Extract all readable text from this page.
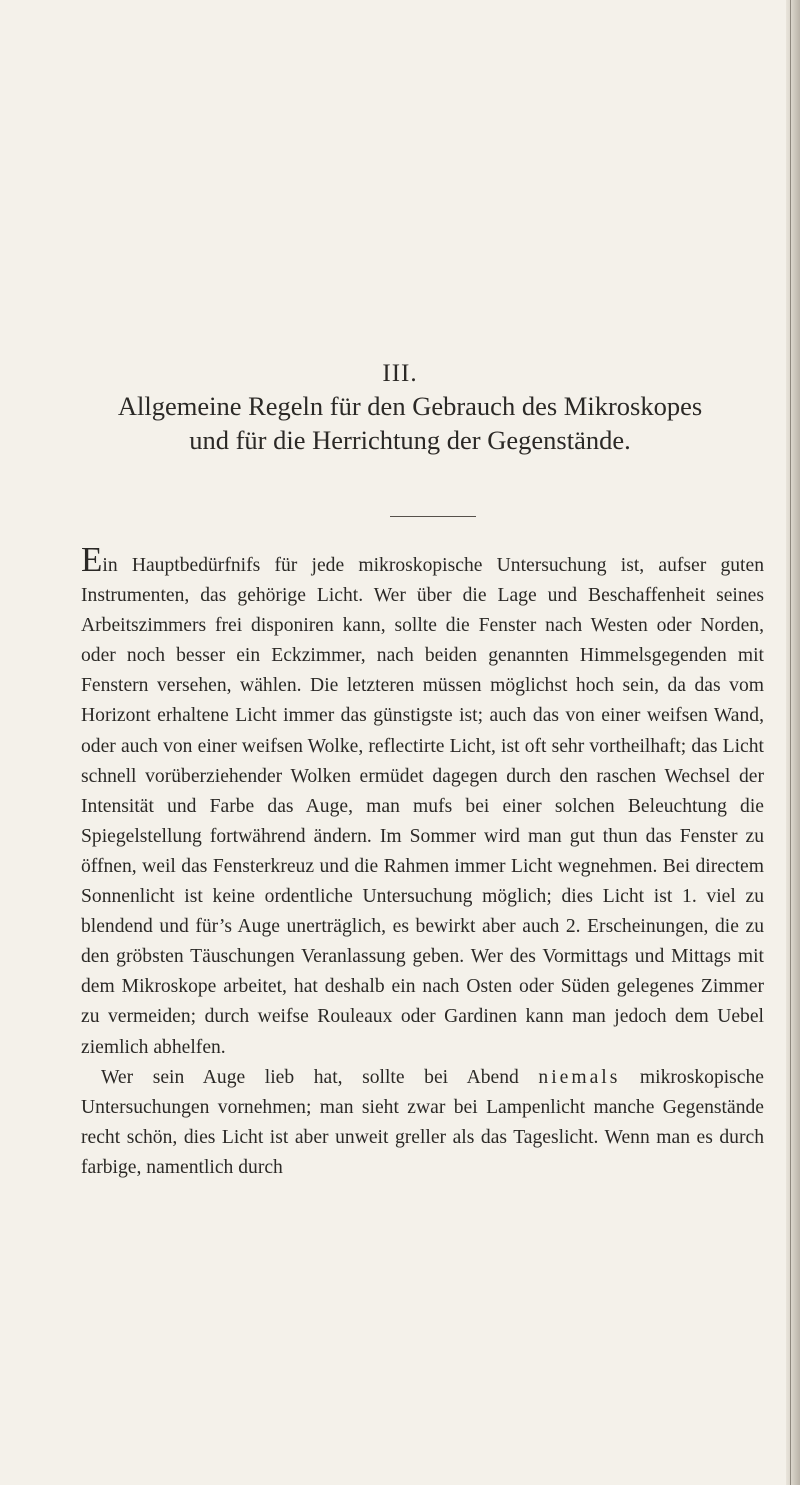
III.
Allgemeine Regeln für den Gebrauch des Mikroskopes
und für die Herrichtung der Gegenstände.

Ein Hauptbedürfnifs für jede mikroskopische Untersuchung ist, aufser guten Instrumenten, das gehörige Licht. Wer über die Lage und Beschaffenheit seines Arbeitszimmers frei disponiren kann, sollte die Fenster nach Westen oder Norden, oder noch besser ein Eckzimmer, nach beiden genannten Himmelsgegenden mit Fenstern versehen, wählen. Die letzteren müssen möglichst hoch sein, da das vom Horizont erhaltene Licht immer das günstigste ist; auch das von einer weifsen Wand, oder auch von einer weifsen Wolke, reflectirte Licht, ist oft sehr vortheilhaft; das Licht schnell vorüberziehender Wolken ermüdet dagegen durch den raschen Wechsel der Intensität und Farbe das Auge, man mufs bei einer solchen Beleuchtung die Spiegelstellung fortwährend ändern. Im Sommer wird man gut thun das Fenster zu öffnen, weil das Fensterkreuz und die Rahmen immer Licht wegnehmen. Bei directem Sonnenlicht ist keine ordentliche Untersuchung möglich; dies Licht ist 1. viel zu blendend und für’s Auge unerträglich, es bewirkt aber auch 2. Erscheinungen, die zu den gröbsten Täuschungen Veranlassung geben. Wer des Vormittags und Mittags mit dem Mikroskope arbeitet, hat deshalb ein nach Osten oder Süden gelegenes Zimmer zu vermeiden; durch weifse Rouleaux oder Gardinen kann man jedoch dem Uebel ziemlich abhelfen.

Wer sein Auge lieb hat, sollte bei Abend niemals mikroskopische Untersuchungen vornehmen; man sieht zwar bei Lampenlicht manche Gegenstände recht schön, dies Licht ist aber unweit greller als das Tageslicht. Wenn man es durch farbige, namentlich durch
